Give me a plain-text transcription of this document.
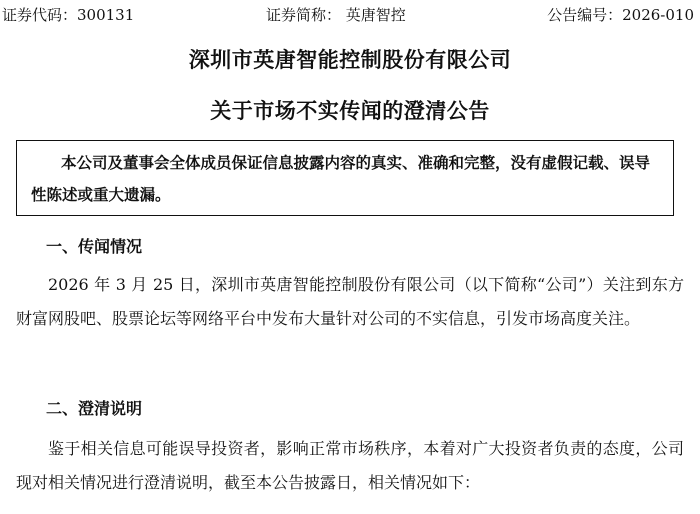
证券代码：300131	证券简称： 英唐智控	公告编号：2026-010
深圳市英唐智能控制股份有限公司
关于市场不实传闻的澄清公告
本公司及董事会全体成员保证信息披露内容的真实、准确和完整，没有虚假记载、误导性陈述或重大遗漏。
一、传闻情况
2026 年 3 月 25 日，深圳市英唐智能控制股份有限公司（以下简称“公司”）关注到东方财富网股吧、股票论坛等网络平台中发布大量针对公司的不实信息，引发市场高度关注。
二、澄清说明
鉴于相关信息可能误导投资者，影响正常市场秩序，本着对广大投资者负责的态度，公司现对相关情况进行澄清说明，截至本公告披露日，相关情况如下：
